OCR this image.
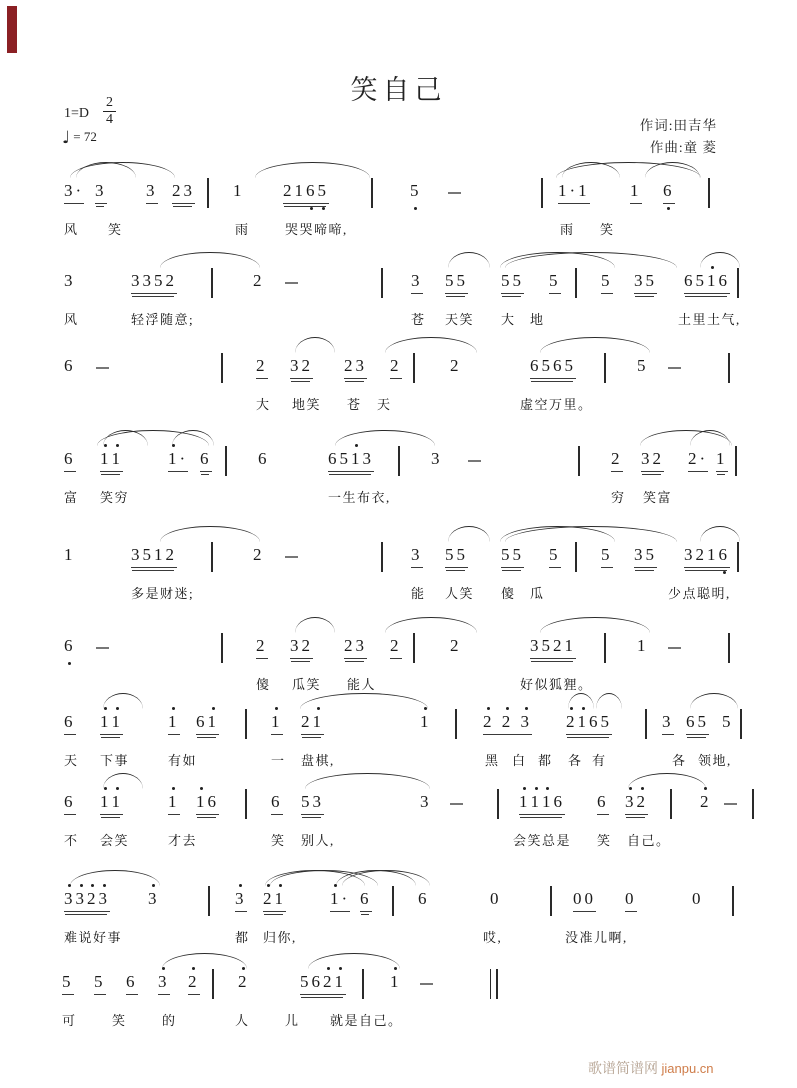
笑自己
$1=D \frac{2}{4}$
♩ = 72
作词:田吉华
作曲:童 菱
3· 3 3 23 1 216
5	5	1·1 1 6
风 笑	雨	哭哭啼啼,	雨 笑
3	3352	2	3 55 55 5 5 35 651
6
风	轻浮随意;	苍 天笑 大 地	土里土气,
6	2 32 23 2	2	6565	5
大 地笑 苍 天	虚空万里。
6 1
1	1
· 6	6	651
3	3	2 32 2· 1
富 笑穷	一生布衣,	穷 笑富
1	3512	2	3 55 55 5 5 35 3216
多是财迷;	能 人笑 傻 瓜	少点聪明,
6	2 32 23 2	2	3521	1
傻 瓜笑 能人	好似狐狸。
6 1
1	1 61	1 21	1	2 2 3 2
1
65	3 65 5
天 下事	有如	一 盘棋,	黑 白 都 各 有	各 领地,
6 1
1	1 1
6	6 53	3	1
1
1
6 6 3
2	2
不 会笑	才去	笑 别人,	会笑总是 笑 自己。
3
3
2
3 3	3 2
1	1
· 6	6	0	00 0	0
难说好事	都 归你,	哎,	没准儿啊,
5 5 6 3 2 2	562
1	1
可	笑	的	人	儿 就是自己。
歌谱简谱网 jianpu.cn
